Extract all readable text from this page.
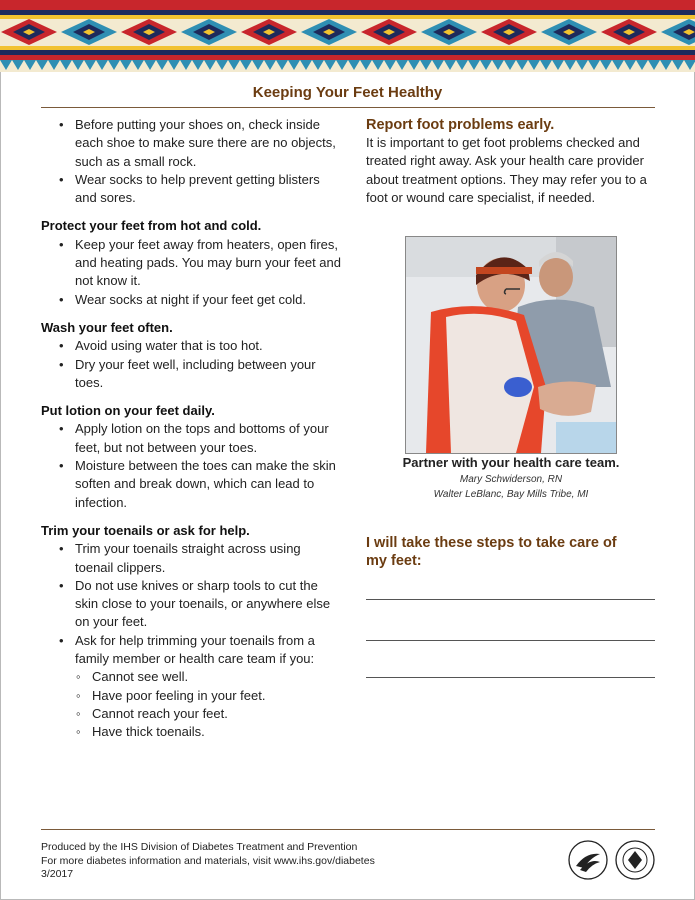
Keeping Your Feet Healthy
• Before putting your shoes on, check inside each shoe to make sure there are no objects, such as a small rock.
• Wear socks to help prevent getting blisters and sores.
Protect your feet from hot and cold.
• Keep your feet away from heaters, open fires, and heating pads. You may burn your feet and not know it.
• Wear socks at night if your feet get cold.
Wash your feet often.
• Avoid using water that is too hot.
• Dry your feet well, including between your toes.
Put lotion on your feet daily.
• Apply lotion on the tops and bottoms of your feet, but not between your toes.
• Moisture between the toes can make the skin soften and break down, which can lead to infection.
Trim your toenails or ask for help.
• Trim your toenails straight across using toenail clippers.
• Do not use knives or sharp tools to cut the skin close to your toenails, or anywhere else on your feet.
• Ask for help trimming your toenails from a family member or health care team if you:
◦ Cannot see well.
◦ Have poor feeling in your feet.
◦ Cannot reach your feet.
◦ Have thick toenails.
Report foot problems early.
It is important to get foot problems checked and treated right away. Ask your health care provider about treatment options. They may refer you to a foot or wound care specialist, if needed.
Partner with your health care team.
Mary Schwiderson, RN
Walter LeBlanc, Bay Mills Tribe, MI
I will take these steps to take care of my feet:
Produced by the IHS Division of Diabetes Treatment and Prevention
For more diabetes information and materials, visit www.ihs.gov/diabetes
3/2017
